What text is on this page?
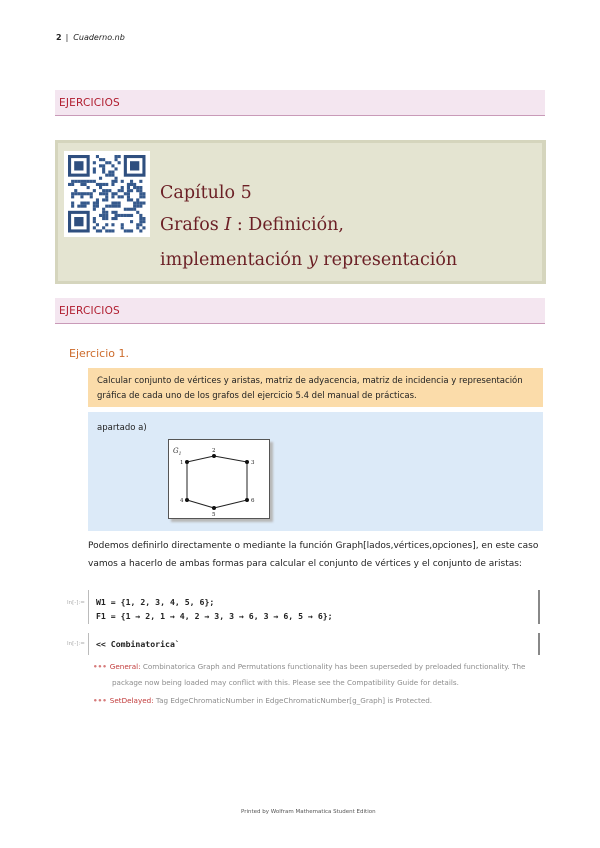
2 | Cuaderno.nb
EJERCICIOS
Capítulo 5
Grafos I : Definición,
implementación y representación
EJERCICIOS
Ejercicio 1.
Calcular conjunto de vértices y aristas, matriz de adyacencia, matriz de incidencia y representación gráfica de cada uno de los grafos del ejercicio 5.4 del manual de prácticas.
apartado a)
$G_1$
1
2
3
4
5
6
Podemos definirlo directamente o mediante la función Graph[lados,vértices,opciones], en este caso vamos a hacerlo de ambas formas para calcular el conjunto de vértices y el conjunto de aristas:
In[-]:= W1 = {1, 2, 3, 4, 5, 6};
F1 = {1 → 2, 1 → 4, 2 → 3, 3 → 6, 3 → 6, 5 → 6};
In[-]:= << Combinatorica`
••• General: Combinatorica Graph and Permutations functionality has been superseded by preloaded functionality. The
package now being loaded may conflict with this. Please see the Compatibility Guide for details.
••• SetDelayed: Tag EdgeChromaticNumber in EdgeChromaticNumber[g_Graph] is Protected.
Printed by Wolfram Mathematica Student Edition
